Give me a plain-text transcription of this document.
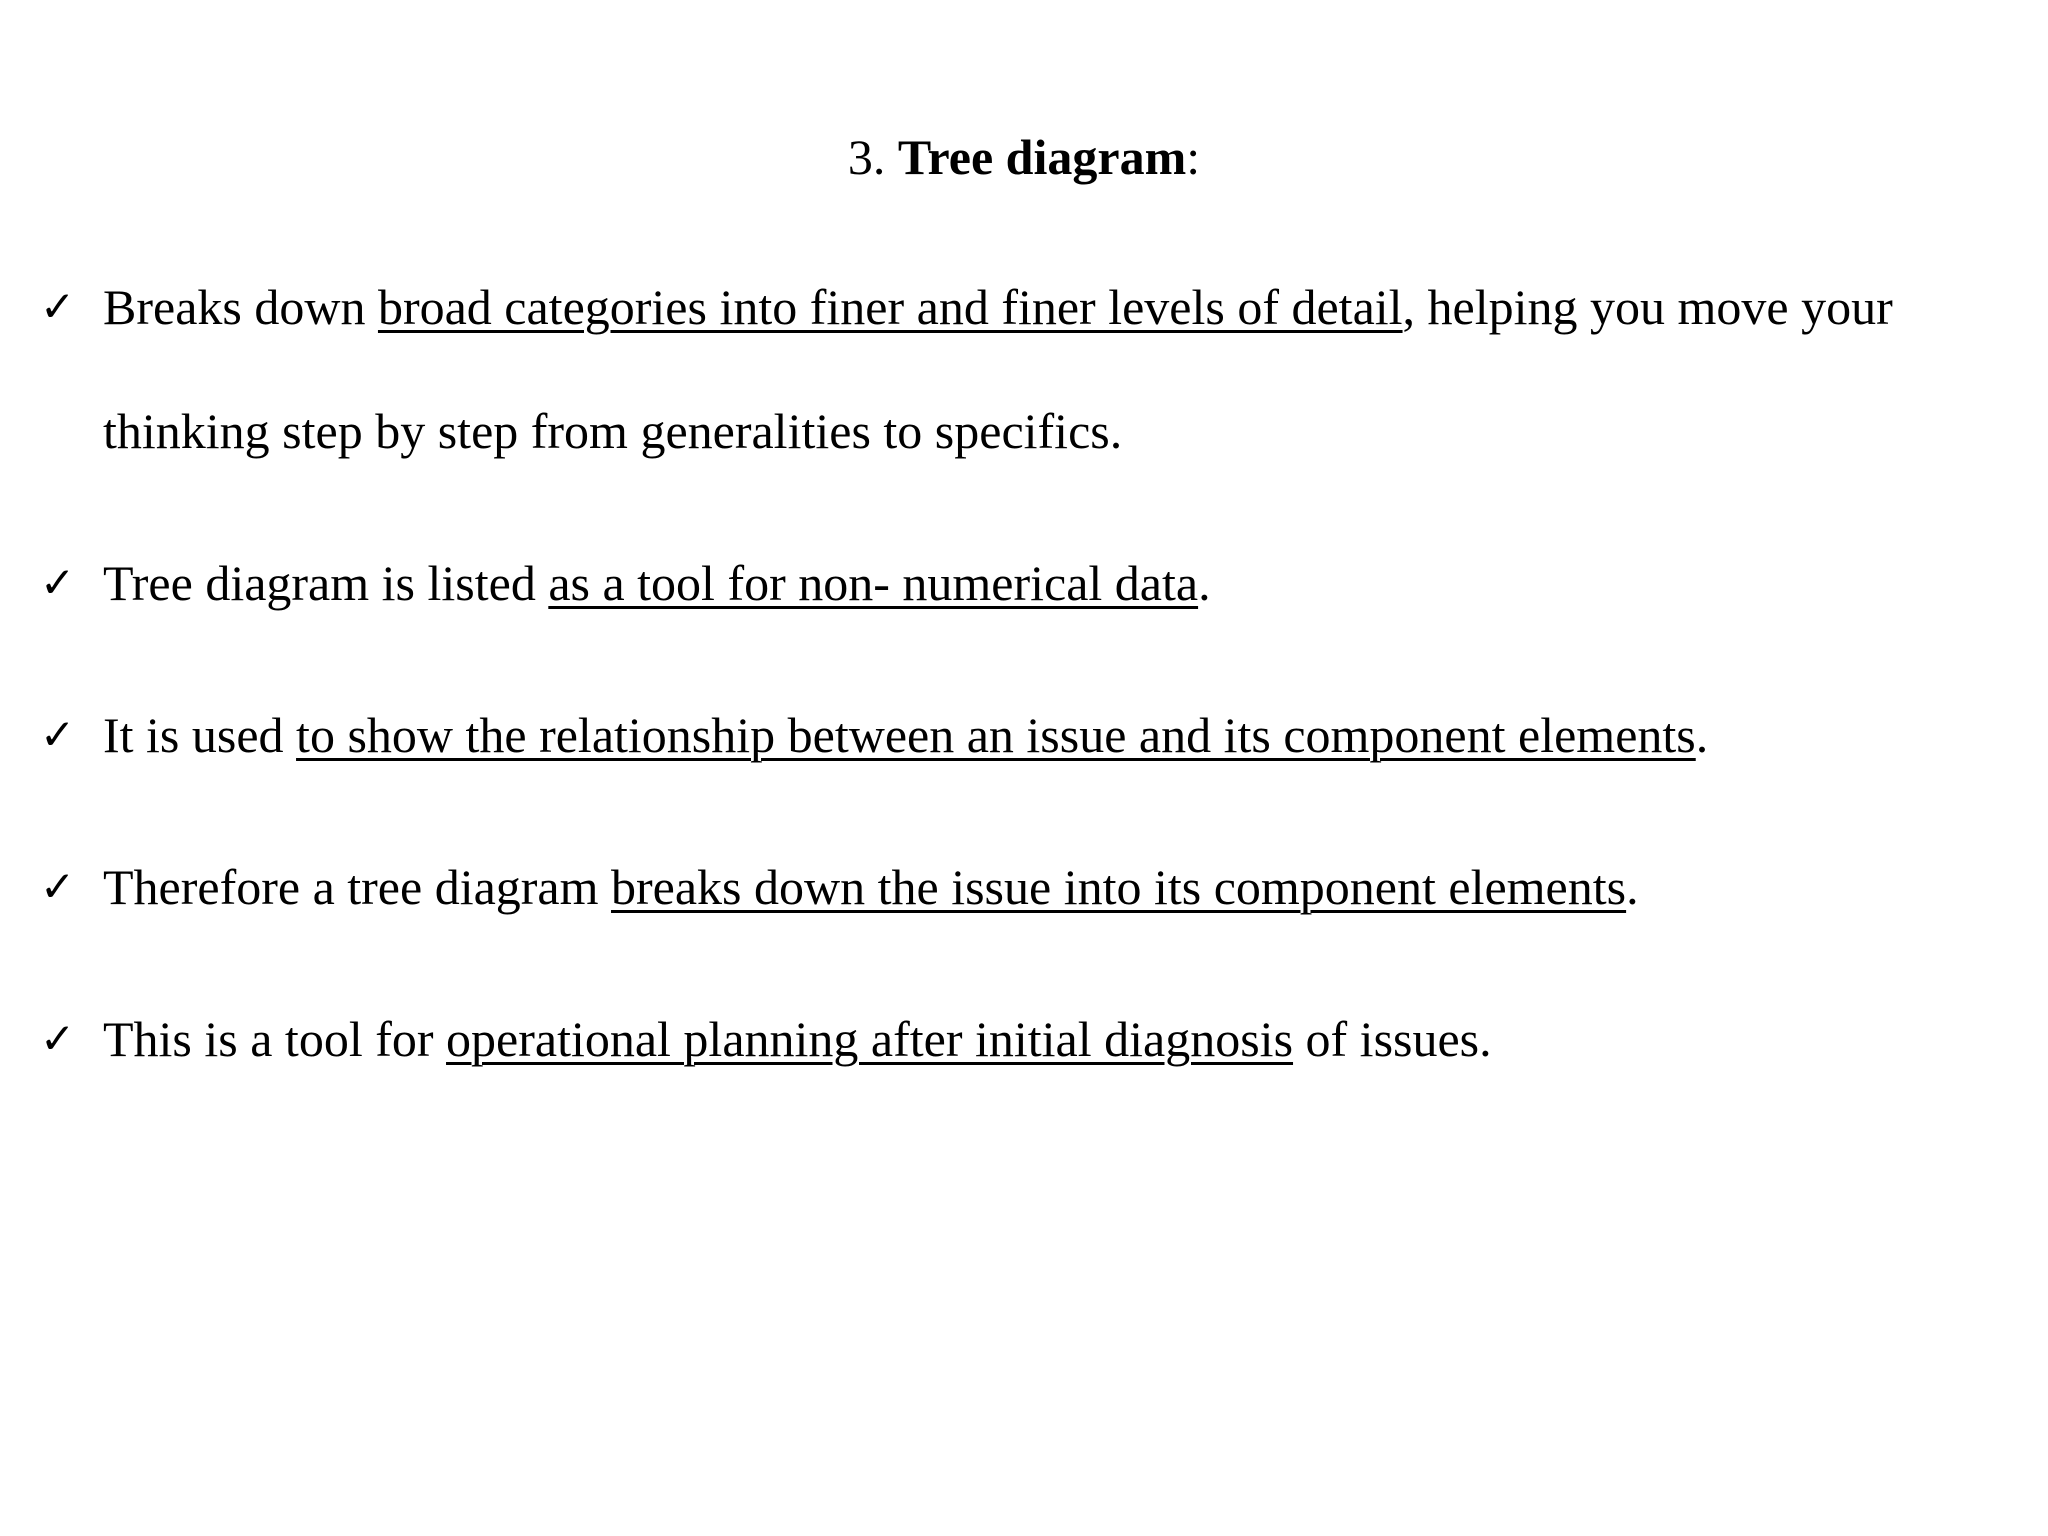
3. Tree diagram:
✓ Breaks down broad categories into finer and finer levels of detail, helping you move your
thinking step by step from generalities to specifics.
✓ Tree diagram is listed as a tool for non- numerical data.
✓ It is used to show the relationship between an issue and its component elements.
✓ Therefore a tree diagram breaks down the issue into its component elements.
✓ This is a tool for operational planning after initial diagnosis of issues.
